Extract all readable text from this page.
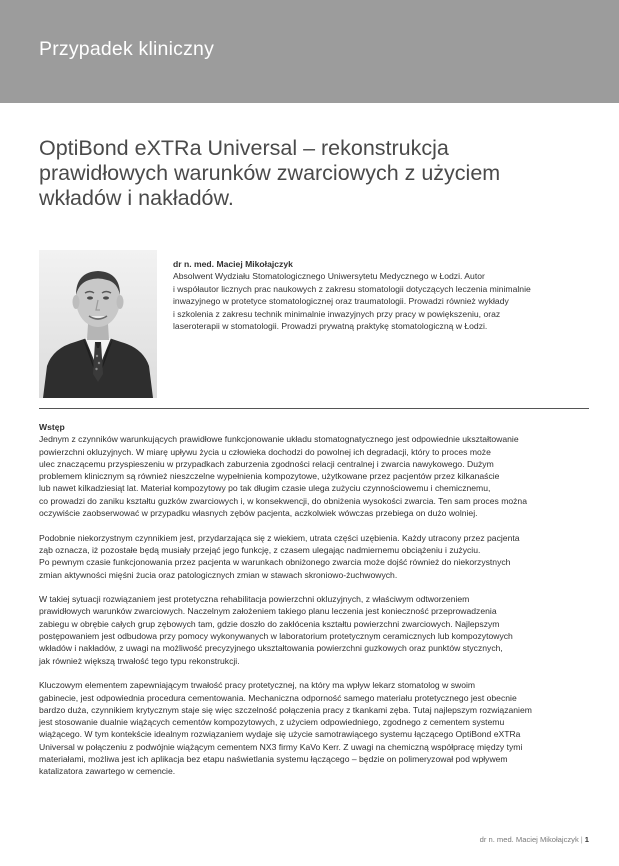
Przypadek kliniczny
OptiBond eXTRa Universal – rekonstrukcja
prawidłowych warunków zwarciowych z użyciem
wkładów i nakładów.
dr n. med. Maciej Mikołajczyk
Absolwent Wydziału Stomatologicznego Uniwersytetu Medycznego w Łodzi. Autor
i współautor licznych prac naukowych z zakresu stomatologii dotyczących leczenia minimalnie
inwazyjnego w protetyce stomatologicznej oraz traumatologii. Prowadzi również wykłady
i szkolenia z zakresu technik minimalnie inwazyjnych przy pracy w powiększeniu, oraz
laseroterapii w stomatologii. Prowadzi prywatną praktykę stomatologiczną w Łodzi.
Wstęp
Jednym z czynników warunkujących prawidłowe funkcjonowanie układu stomatognatycznego jest odpowiednie ukształtowanie
powierzchni okluzyjnych. W miarę upływu życia u człowieka dochodzi do powolnej ich degradacji, który to proces może
ulec znaczącemu przyspieszeniu w przypadkach zaburzenia zgodności relacji centralnej i zwarcia nawykowego. Dużym
problemem klinicznym są również nieszczelne wypełnienia kompozytowe, użytkowane przez pacjentów przez kilkanaście
lub nawet kilkadziesiąt lat. Materiał kompozytowy po tak długim czasie ulega zużyciu czynnościowemu i chemicznemu,
co prowadzi do zaniku kształtu guzków zwarciowych i, w konsekwencji, do obniżenia wysokości zwarcia. Ten sam proces można
oczywiście zaobserwować w przypadku własnych zębów pacjenta, aczkolwiek wówczas przebiega on dużo wolniej.
Podobnie niekorzystnym czynnikiem jest, przydarzająca się z wiekiem, utrata części uzębienia. Każdy utracony przez pacjenta
ząb oznacza, iż pozostałe będą musiały przejąć jego funkcję, z czasem ulegając nadmiernemu obciążeniu i zużyciu.
Po pewnym czasie funkcjonowania przez pacjenta w warunkach obniżonego zwarcia może dojść również do niekorzystnych
zmian aktywności mięśni żucia oraz patologicznych zmian w stawach skroniowo-żuchwowych.
W takiej sytuacji rozwiązaniem jest protetyczna rehabilitacja powierzchni okluzyjnych, z właściwym odtworzeniem
prawidłowych warunków zwarciowych. Naczelnym założeniem takiego planu leczenia jest konieczność przeprowadzenia
zabiegu w obrębie całych grup zębowych tam, gdzie doszło do zakłócenia kształtu powierzchni zwarciowych. Najlepszym
postępowaniem jest odbudowa przy pomocy wykonywanych w laboratorium protetycznym ceramicznych lub kompozytowych
wkładów i nakładów, z uwagi na możliwość precyzyjnego ukształtowania powierzchni guzkowych oraz punktów stycznych,
jak również większą trwałość tego typu rekonstrukcji.
Kluczowym elementem zapewniającym trwałość pracy protetycznej, na który ma wpływ lekarz stomatolog w swoim
gabinecie, jest odpowiednia procedura cementowania. Mechaniczna odporność samego materiału protetycznego jest obecnie
bardzo duża, czynnikiem krytycznym staje się więc szczelność połączenia pracy z tkankami zęba. Tutaj najlepszym rozwiązaniem
jest stosowanie dualnie wiążących cementów kompozytowych, z użyciem odpowiedniego, zgodnego z cementem systemu
wiążącego. W tym kontekście idealnym rozwiązaniem wydaje się użycie samotrawiącego systemu łączącego OptiBond eXTRa
Universal w połączeniu z podwójnie wiążącym cementem NX3 firmy KaVo Kerr. Z uwagi na chemiczną współpracę między tymi
materiałami, możliwa jest ich aplikacja bez etapu naświetlania systemu łączącego – będzie on polimeryzował pod wpływem
katalizatora zawartego w cemencie.
dr n. med. Maciej Mikołajczyk | 1
